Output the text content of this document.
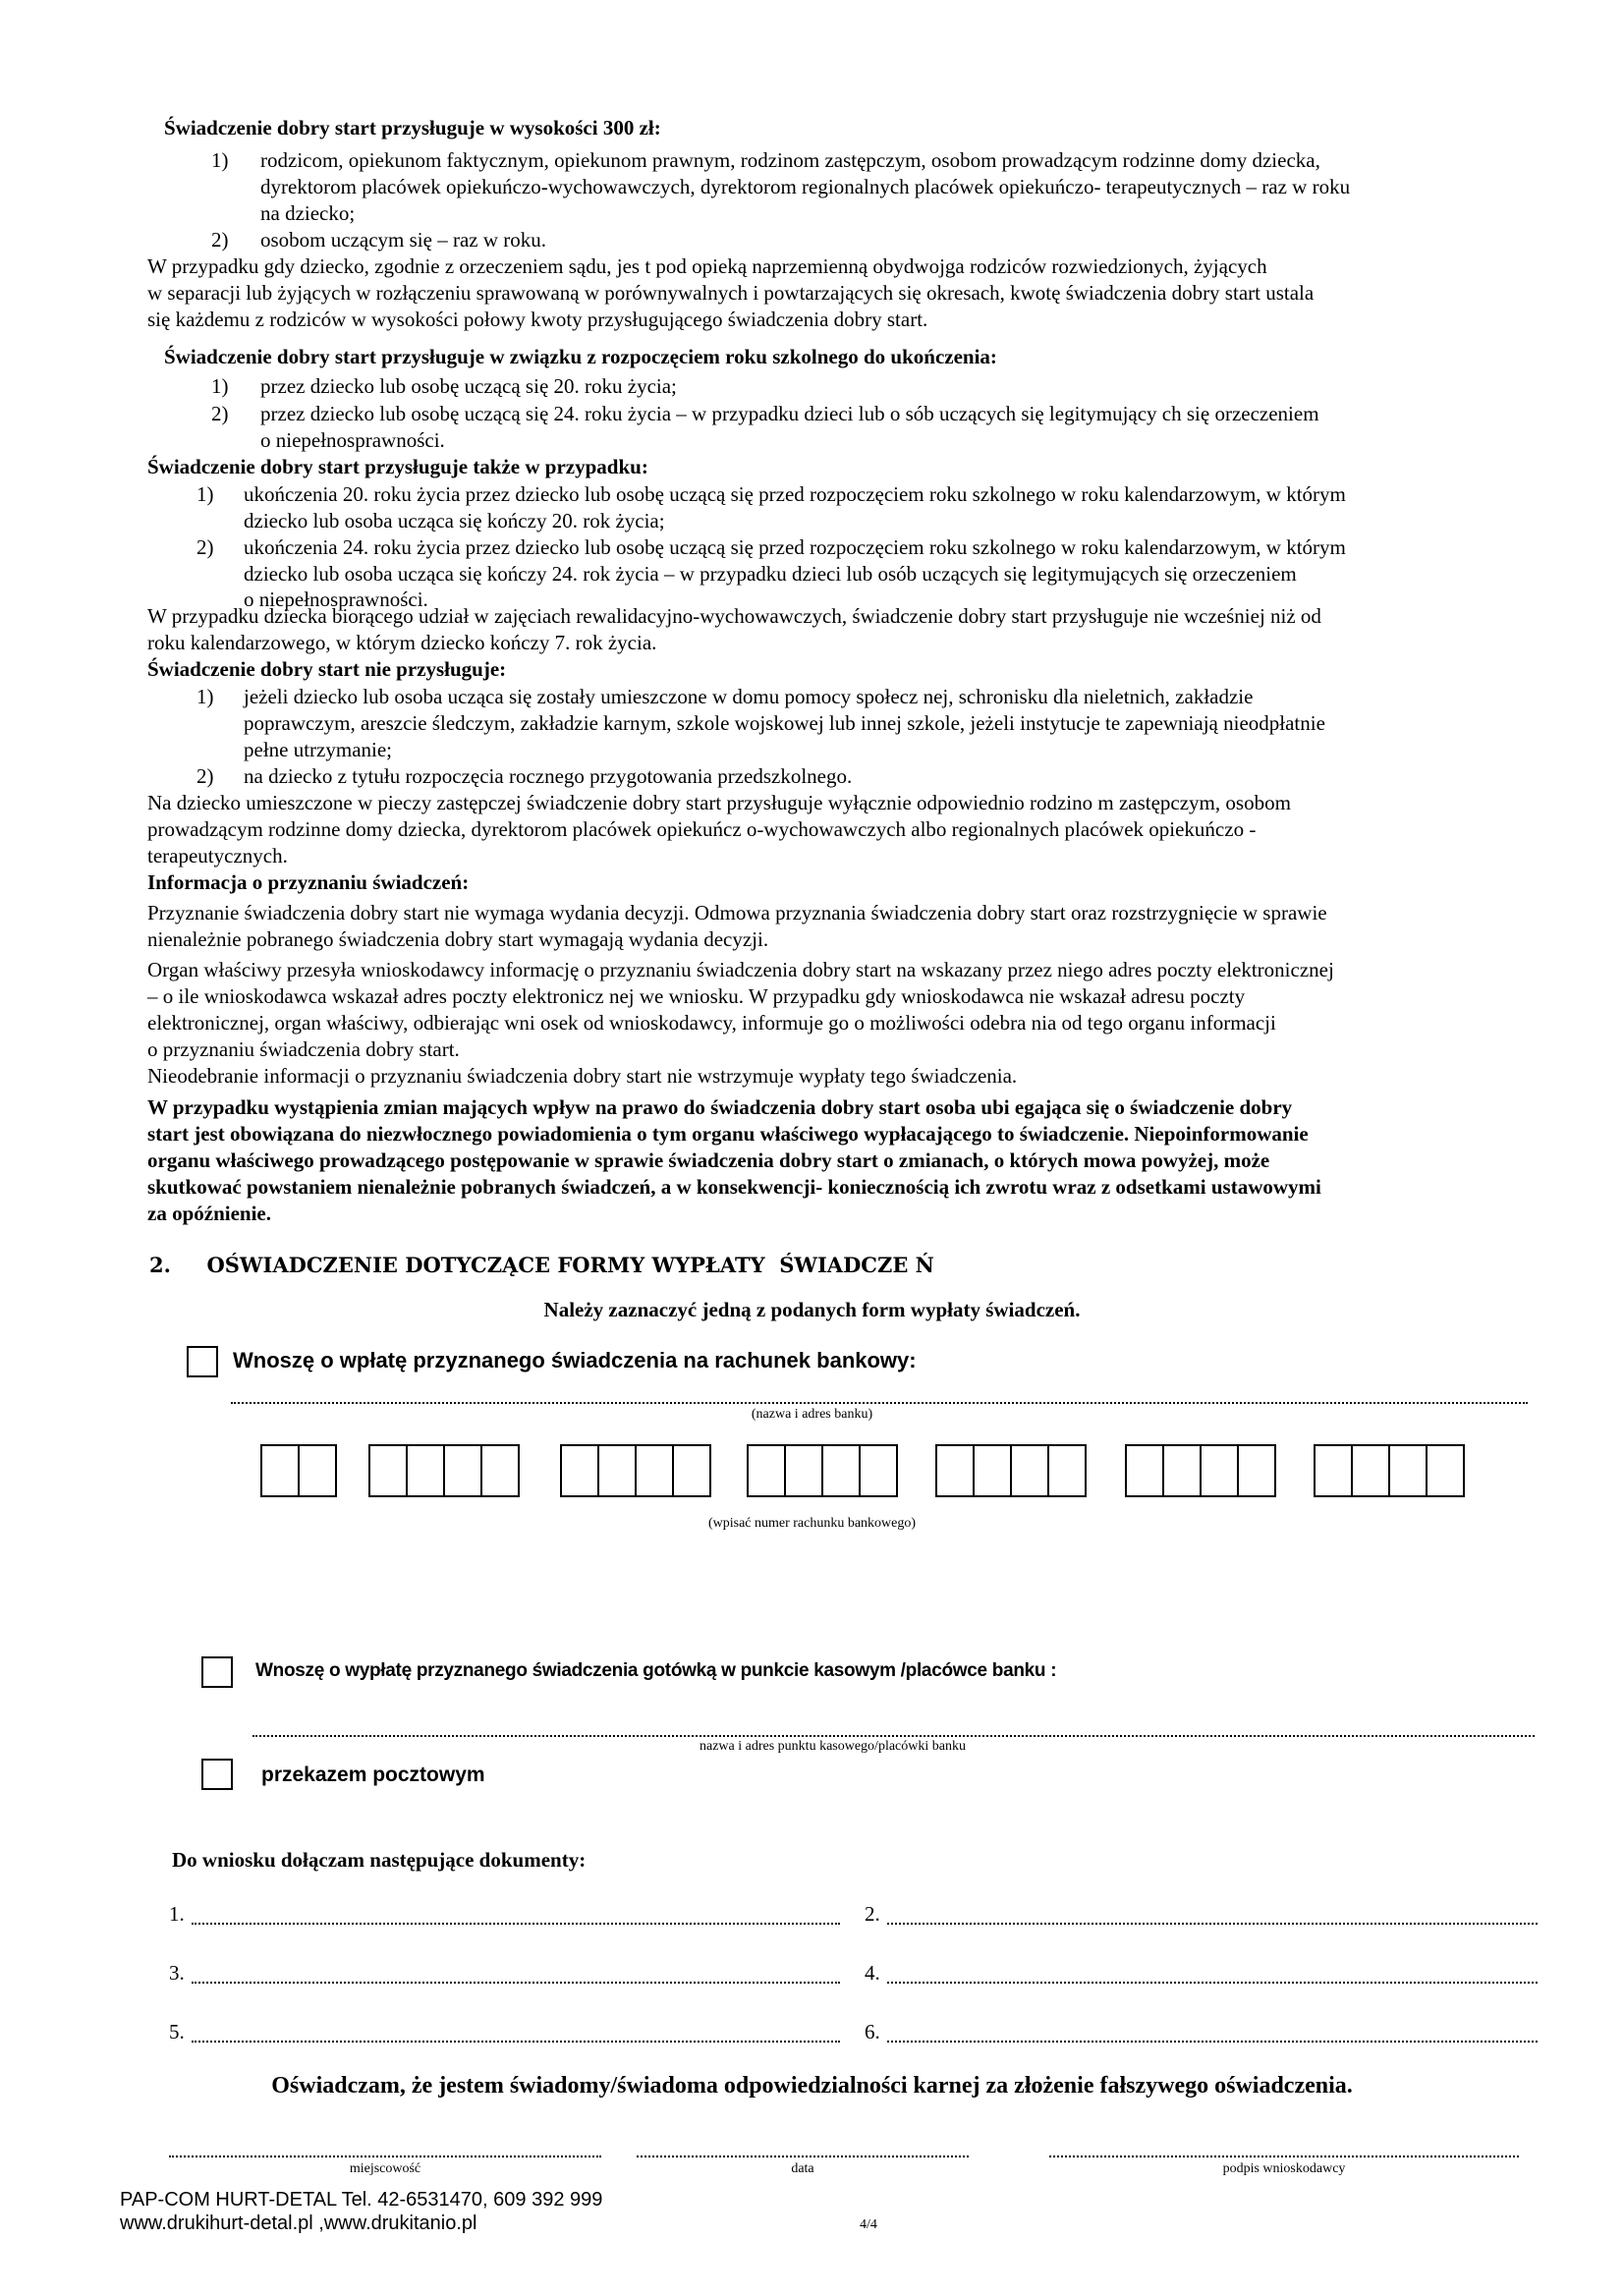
Świadczenie dobry start przysługuje w wysokości 300 zł:
1) rodzicom, opiekunom faktycznym, opiekunom prawnym, rodzinom zastępczym, osobom prowadzącym rodzinne domy dziecka,
dyrektorom placówek opiekuńczo-wychowawczych, dyrektorom regionalnych placówek opiekuńczo- terapeutycznych – raz w roku
na dziecko;
2) osobom uczącym się – raz w roku.
W przypadku gdy dziecko, zgodnie z orzeczeniem sądu, jes t pod opieką naprzemienną obydwojga rodziców rozwiedzionych, żyjących
w separacji lub żyjących w rozłączeniu sprawowaną w porównywalnych i powtarzających się okresach, kwotę świadczenia dobry start ustala
się każdemu z rodziców w wysokości połowy kwoty przysługującego świadczenia dobry start.
Świadczenie dobry start przysługuje w związku z rozpoczęciem roku szkolnego do ukończenia:
1) przez dziecko lub osobę uczącą się 20. roku życia;
2) przez dziecko lub osobę uczącą się 24. roku życia – w przypadku dzieci lub o sób uczących się legitymujący ch się orzeczeniem
o niepełnosprawności.
Świadczenie dobry start przysługuje także w przypadku:
1) ukończenia 20. roku życia przez dziecko lub osobę uczącą się przed rozpoczęciem roku szkolnego w roku kalendarzowym, w którym
dziecko lub osoba ucząca się kończy 20. rok życia;
2) ukończenia 24. roku życia przez dziecko lub osobę uczącą się przed rozpoczęciem roku szkolnego w roku kalendarzowym, w którym
dziecko lub osoba ucząca się kończy 24. rok życia – w przypadku dzieci lub osób uczących się legitymujących się orzeczeniem
o niepełnosprawności.
W przypadku dziecka biorącego udział w zajęciach rewalidacyjno-wychowawczych, świadczenie dobry start przysługuje nie wcześniej niż od
roku kalendarzowego, w którym dziecko kończy 7. rok życia.
Świadczenie dobry start nie przysługuje:
1) jeżeli dziecko lub osoba ucząca się zostały umieszczone w domu pomocy społecz nej, schronisku dla nieletnich, zakładzie
poprawczym, areszcie śledczym, zakładzie karnym, szkole wojskowej lub innej szkole, jeżeli instytucje te zapewniają nieodpłatnie
pełne utrzymanie;
2) na dziecko z tytułu rozpoczęcia rocznego przygotowania przedszkolnego.
Na dziecko umieszczone w pieczy zastępczej świadczenie dobry start przysługuje wyłącznie odpowiednio rodzino m zastępczym, osobom
prowadzącym rodzinne domy dziecka, dyrektorom placówek opiekuńcz o-wychowawczych albo regionalnych placówek opiekuńczo -
terapeutycznych.
Informacja o przyznaniu świadczeń:
Przyznanie świadczenia dobry start nie wymaga wydania decyzji. Odmowa przyznania świadczenia dobry start oraz rozstrzygnięcie w sprawie
nienależnie pobranego świadczenia dobry start wymagają wydania decyzji.
Organ właściwy przesyła wnioskodawcy informację o przyznaniu świadczenia dobry start na wskazany przez niego adres poczty elektronicznej
– o ile wnioskodawca wskazał adres poczty elektronicz nej we wniosku. W przypadku gdy wnioskodawca nie wskazał adresu poczty
elektronicznej, organ właściwy, odbierając wni osek od wnioskodawcy, informuje go o możliwości odebra nia od tego organu informacji
o przyznaniu świadczenia dobry start.
Nieodebranie informacji o przyznaniu świadczenia dobry start nie wstrzymuje wypłaty tego świadczenia.
W przypadku wystąpienia zmian mających wpływ na prawo do świadczenia dobry start osoba ubi egająca się o świadczenie dobry
start jest obowiązana do niezwłocznego powiadomienia o tym organu właściwego wypłacającego to świadczenie. Niepoinformowanie
organu właściwego prowadzącego postępowanie w sprawie świadczenia dobry start o zmianach, o których mowa powyżej, może
skutkować powstaniem nienależnie pobranych świadczeń, a w konsekwencji- koniecznością ich zwrotu wraz z odsetkami ustawowymi
za opóźnienie.
2.     OŚWIADCZENIE DOTYCZĄCE FORMY WYPŁATY  ŚWIADCZE Ń
Należy zaznaczyć jedną z podanych form wypłaty świadczeń.
Wnoszę o wpłatę przyznanego świadczenia na rachunek bankowy:
(nazwa i adres banku)
(wpisać numer rachunku bankowego)
Wnoszę o wypłatę przyznanego świadczenia gotówką w punkcie kasowym /placówce banku :
nazwa i adres punktu kasowego/placówki banku
przekazem pocztowym
Do wniosku dołączam następujące dokumenty:
1.	2.
3.	4.
5.	6.
Oświadczam, że jestem świadomy/świadoma odpowiedzialności karnej za złożenie fałszywego oświadczenia.
miejscowość	data	podpis wnioskodawcy
PAP-COM HURT-DETAL Tel. 42-6531470, 609 392 999
www.drukihurt-detal.pl ,www.drukitanio.pl	4/4
